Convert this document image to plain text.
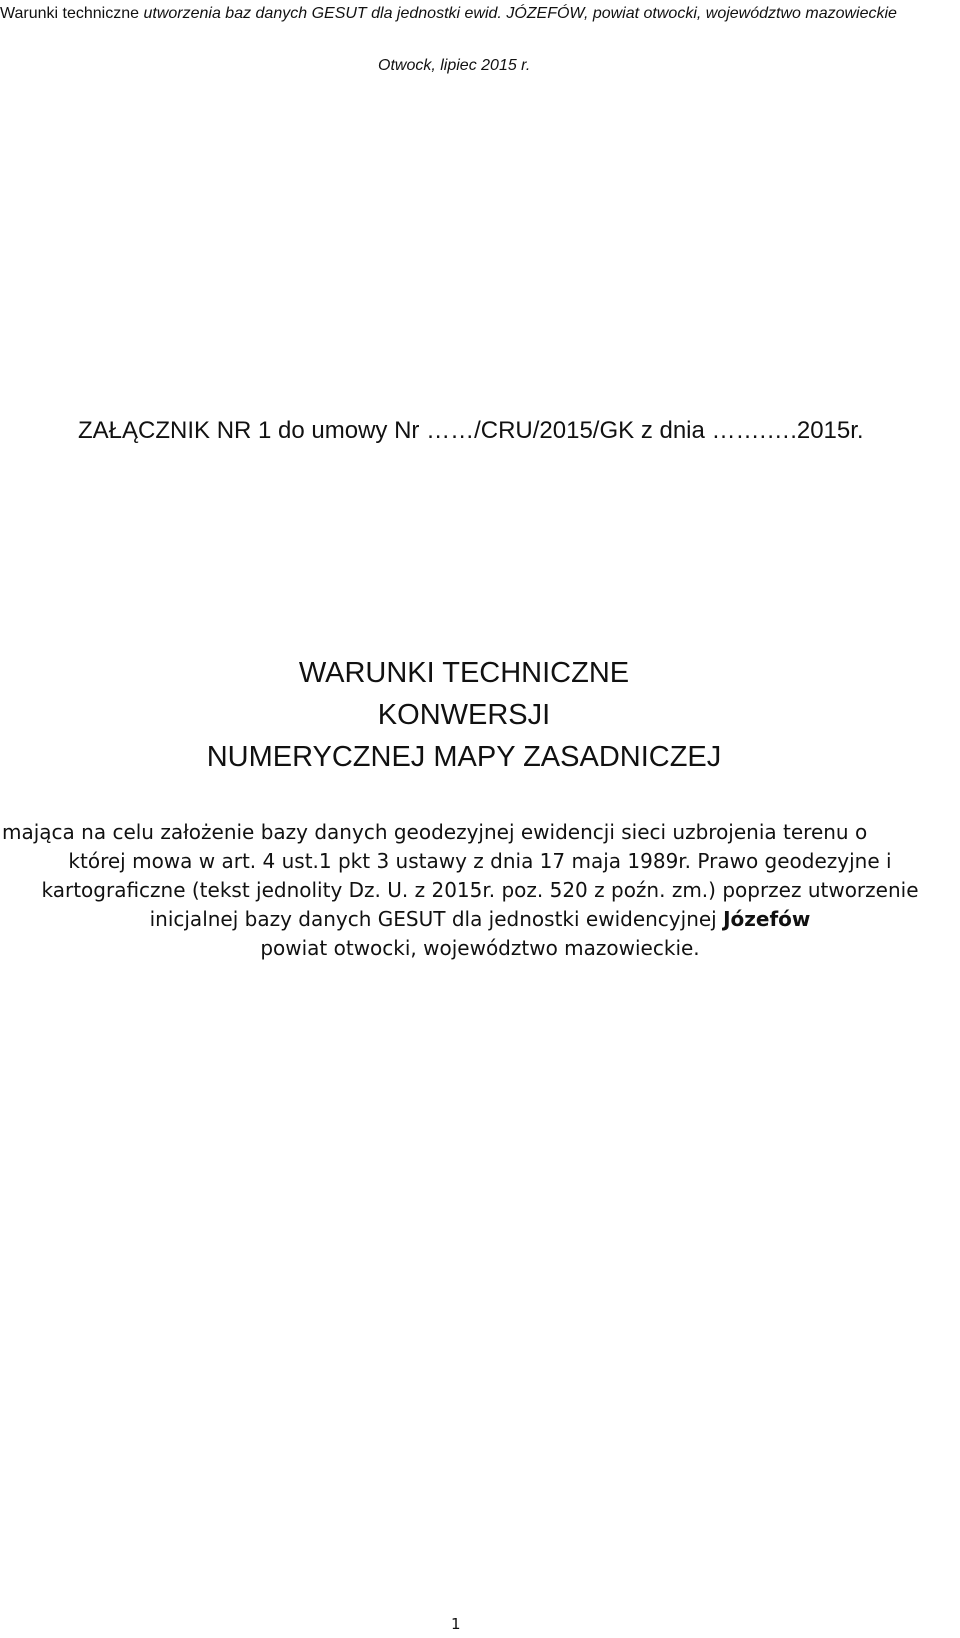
Warunki techniczne utworzenia baz danych GESUT dla jednostki ewid. JÓZEFÓW, powiat otwocki, województwo mazowieckie
Otwock, lipiec 2015 r.
ZAŁĄCZNIK NR 1 do umowy Nr ……/CRU/2015/GK z dnia …….….2015r.
WARUNKI TECHNICZNE
KONWERSJI
NUMERYCZNEJ MAPY ZASADNICZEJ
mająca na celu założenie bazy danych geodezyjnej ewidencji sieci uzbrojenia terenu o
której mowa w art. 4 ust.1 pkt 3 ustawy z dnia 17 maja 1989r. Prawo geodezyjne i
kartograficzne (tekst jednolity Dz. U. z 2015r. poz. 520 z poźn. zm.) poprzez utworzenie
inicjalnej bazy danych GESUT dla jednostki ewidencyjnej Józefów
powiat otwocki, województwo mazowieckie.
1
